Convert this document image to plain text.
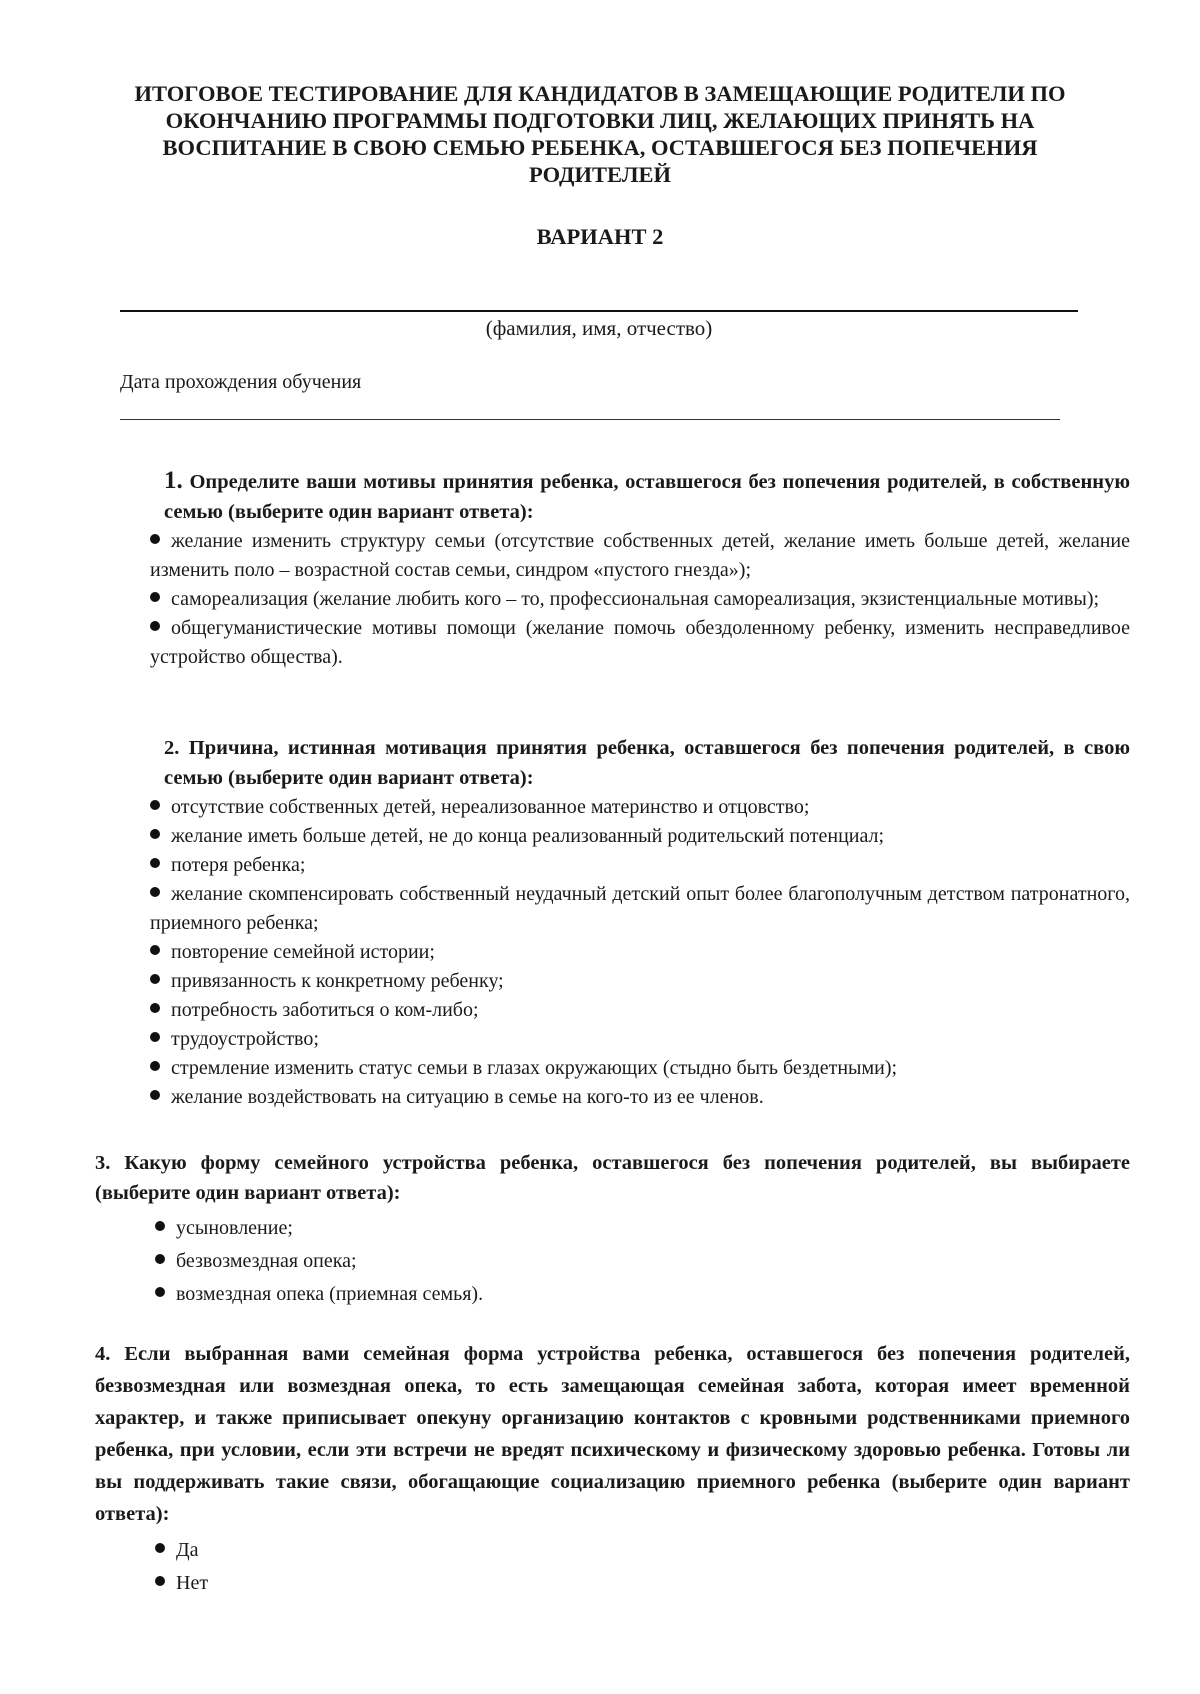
ИТОГОВОЕ ТЕСТИРОВАНИЕ ДЛЯ КАНДИДАТОВ В ЗАМЕЩАЮЩИЕ РОДИТЕЛИ ПО ОКОНЧАНИЮ ПРОГРАММЫ ПОДГОТОВКИ ЛИЦ, ЖЕЛАЮЩИХ ПРИНЯТЬ НА ВОСПИТАНИЕ В СВОЮ СЕМЬЮ РЕБЕНКА, ОСТАВШЕГОСЯ БЕЗ ПОПЕЧЕНИЯ РОДИТЕЛЕЙ
ВАРИАНТ 2
(фамилия, имя, отчество)
Дата прохождения обучения

1. Определите ваши мотивы принятия ребенка, оставшегося без попечения родителей, в собственную семью (выберите один вариант ответа):

желание изменить структуру семьи (отсутствие собственных детей, желание иметь больше детей, желание изменить поло – возрастной состав семьи, синдром «пустого гнезда»);
самореализация (желание любить кого – то, профессиональная самореализация, экзистенциальные мотивы);
общегуманистические мотивы помощи (желание помочь обездоленному ребенку, изменить несправедливое устройство общества).

2. Причина, истинная мотивация принятия ребенка, оставшегося без попечения родителей, в свою семью (выберите один вариант ответа):

отсутствие собственных детей, нереализованное материнство и отцовство;
желание иметь больше детей, не до конца реализованный родительский потенциал;
потеря ребенка;
желание скомпенсировать собственный неудачный детский опыт более благополучным детством патронатного, приемного ребенка;
повторение семейной истории;
привязанность к конкретному ребенку;
потребность заботиться о ком-либо;
трудоустройство;
стремление изменить статус семьи в глазах окружающих (стыдно быть бездетными);
желание воздействовать на ситуацию в семье на кого-то из ее членов.

3. Какую форму семейного устройства ребенка, оставшегося без попечения родителей, вы выбираете (выберите один вариант ответа):

усыновление;
безвозмездная опека;
возмездная опека (приемная семья).

4. Если выбранная вами семейная форма устройства ребенка, оставшегося без попечения родителей, безвозмездная или возмездная опека, то есть замещающая семейная забота, которая имеет временной характер, и также приписывает опекуну организацию контактов с кровными родственниками приемного ребенка, при условии, если эти встречи не вредят психическому и физическому здоровью ребенка. Готовы ли вы поддерживать такие связи, обогащающие социализацию приемного ребенка (выберите один вариант ответа):

Да
Нет
